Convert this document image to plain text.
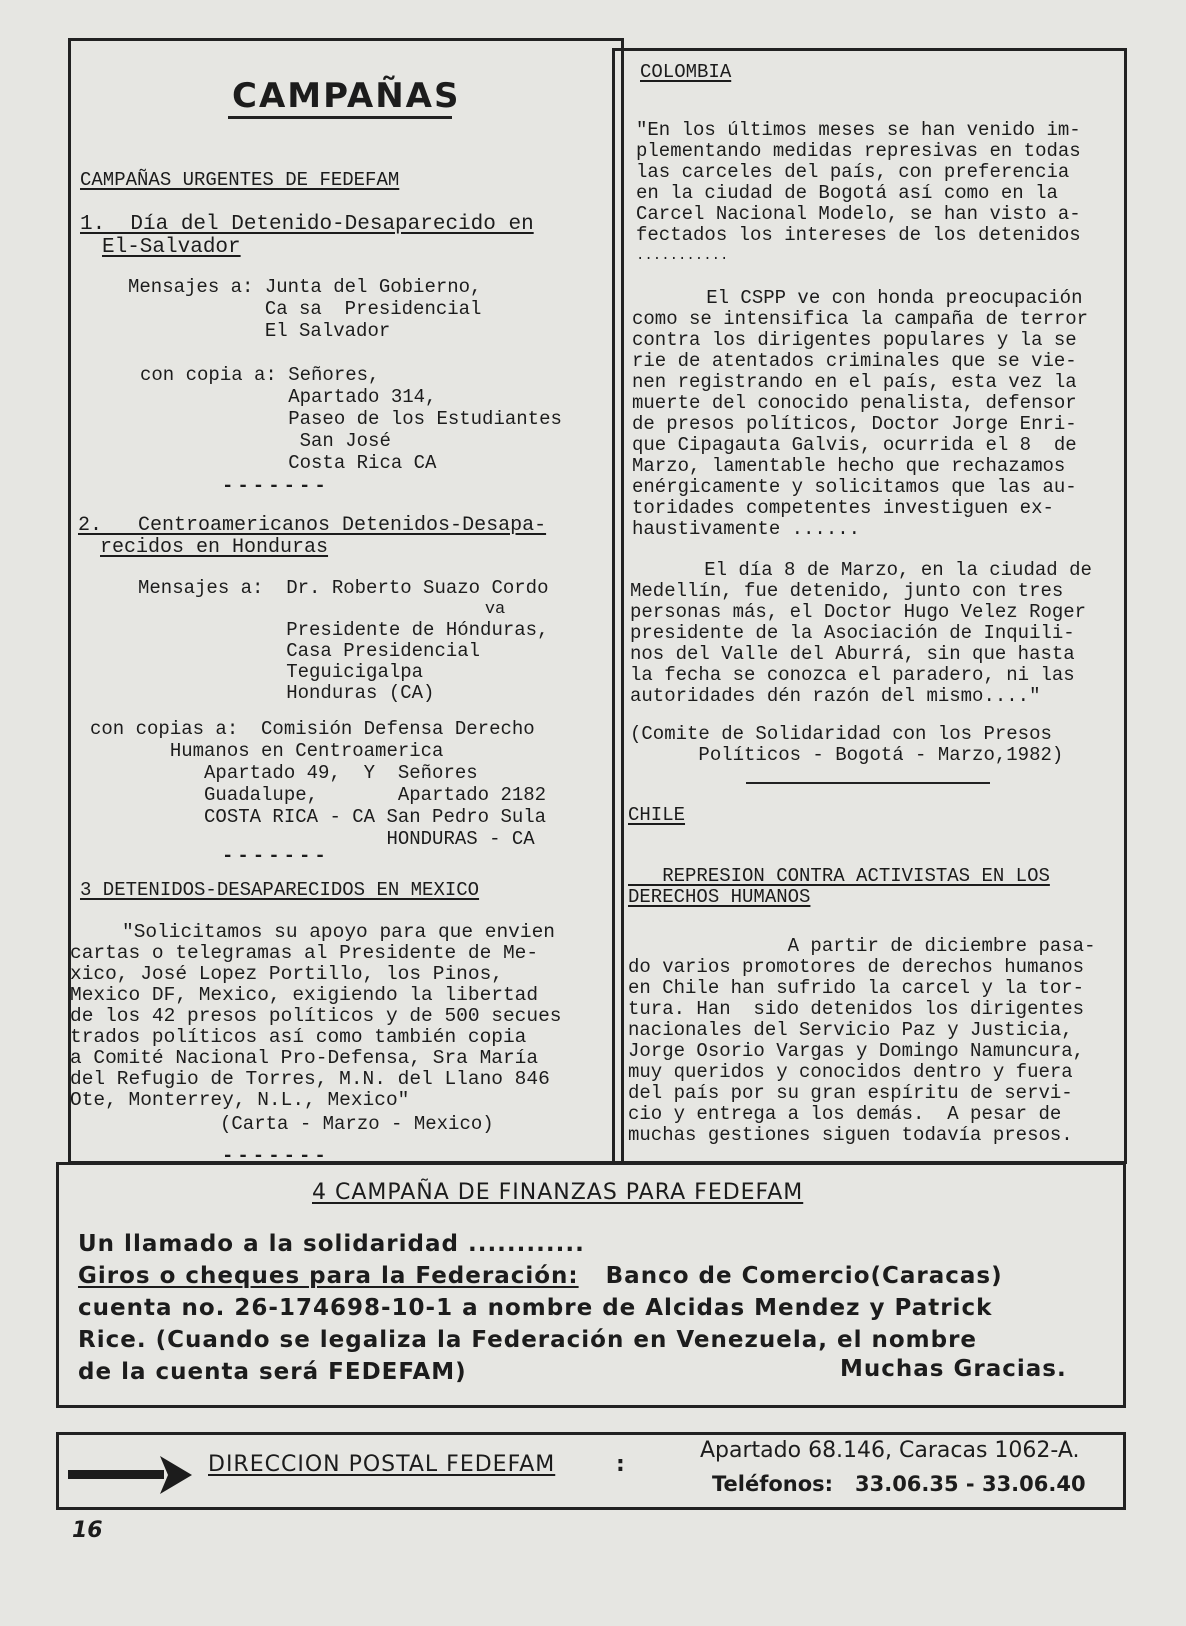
CAMPAÑAS
CAMPAÑAS URGENTES DE FEDEFAM
1.  Día del Detenido-Desaparecido en
El-Salvador
Mensajes a: Junta del Gobierno,
Ca sa  Presidencial
El Salvador
con copia a: Señores,
Apartado 314,
Paseo de los Estudiantes
San José
Costa Rica CA
-------
2.   Centroamericanos Detenidos-Desapa-
recidos en Honduras
Mensajes a:  Dr. Roberto Suazo Cordo
va
Presidente de Hónduras,
Casa Presidencial
Teguicigalpa
Honduras (CA)
con copias a:  Comisión Defensa Derecho
Humanos en Centroamerica
Apartado 49,  Y  Señores
Guadalupe,       Apartado 2182
COSTA RICA - CA San Pedro Sula
HONDURAS - CA
-------
3 DETENIDOS-DESAPARECIDOS EN MEXICO
"Solicitamos su apoyo para que envien
cartas o telegramas al Presidente de Me-
xico, José Lopez Portillo, los Pinos,
Mexico DF, Mexico, exigiendo la libertad
de los 42 presos políticos y de 500 secues
trados políticos así como también copia
a Comité Nacional Pro-Defensa, Sra María
del Refugio de Torres, M.N. del Llano 846
Ote, Monterrey, N.L., Mexico"
(Carta - Marzo - Mexico)
-------
COLOMBIA
"En los últimos meses se han venido im-
plementando medidas represivas en todas
las carceles del país, con preferencia
en la ciudad de Bogotá así como en la
Carcel Nacional Modelo, se han visto a-
fectados los intereses de los detenidos
...........
El CSPP ve con honda preocupación
como se intensifica la campaña de terror
contra los dirigentes populares y la se
rie de atentados criminales que se vie-
nen registrando en el país, esta vez la
muerte del conocido penalista, defensor
de presos políticos, Doctor Jorge Enri-
que Cipagauta Galvis, ocurrida el 8  de
Marzo, lamentable hecho que rechazamos
enérgicamente y solicitamos que las au-
toridades competentes investiguen ex-
haustivamente ......
El día 8 de Marzo, en la ciudad de
Medellín, fue detenido, junto con tres
personas más, el Doctor Hugo Velez Roger
presidente de la Asociación de Inquili-
nos del Valle del Aburrá, sin que hasta
la fecha se conozca el paradero, ni las
autoridades dén razón del mismo...."
(Comite de Solidaridad con los Presos
Políticos - Bogotá - Marzo,1982)
CHILE
REPRESION CONTRA ACTIVISTAS EN LOS
DERECHOS HUMANOS
A partir de diciembre pasa-
do varios promotores de derechos humanos
en Chile han sufrido la carcel y la tor-
tura. Han  sido detenidos los dirigentes
nacionales del Servicio Paz y Justicia,
Jorge Osorio Vargas y Domingo Namuncura,
muy queridos y conocidos dentro y fuera
del país por su gran espíritu de servi-
cio y entrega a los demás.  A pesar de
muchas gestiones siguen todavía presos.
4 CAMPAÑA DE FINANZAS PARA FEDEFAM
Un llamado a la solidaridad ............
Giros o cheques para la Federación:   Banco de Comercio(Caracas)
cuenta no. 26-174698-10-1 a nombre de Alcidas Mendez y Patrick
Rice. (Cuando se legaliza la Federación en Venezuela, el nombre
de la cuenta será FEDEFAM)	Muchas Gracias.
DIRECCION POSTAL FEDEFAM	:
Apartado 68.146, Caracas 1062-A.
Teléfonos:   33.06.35 - 33.06.40
16
